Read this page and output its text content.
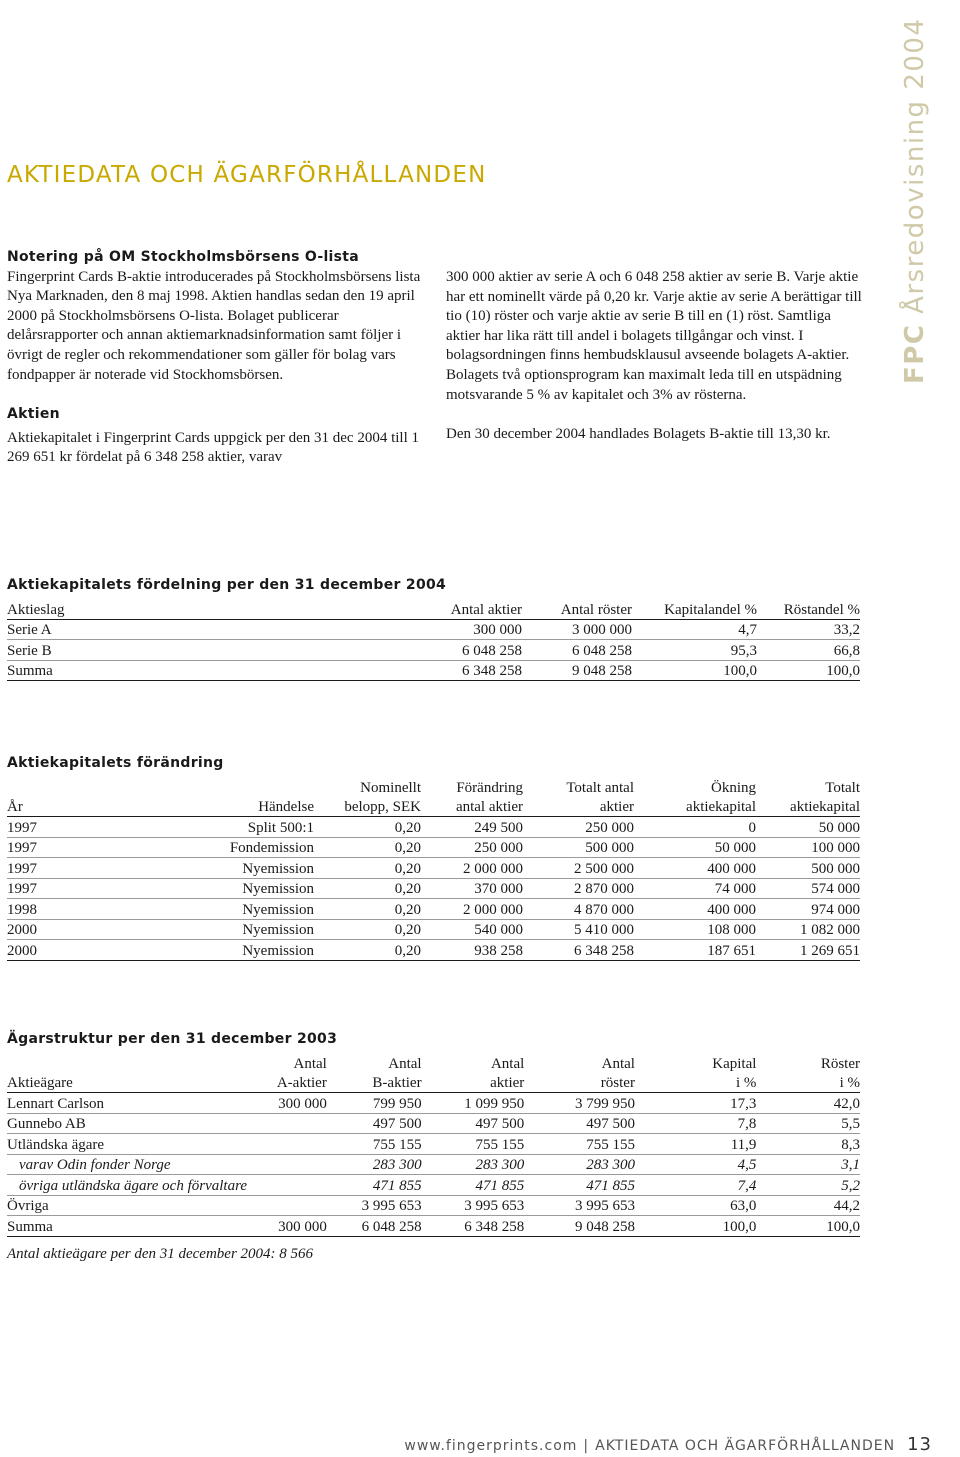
AKTIEDATA OCH ÄGARFÖRHÅLLANDEN
FPC Årsredovisning 2004

Notering på OM Stockholmsbörsens O-lista

Fingerprint Cards B-aktie introducerades på Stockholmsbörsens lista Nya Marknaden, den 8 maj 1998. Aktien handlas sedan den 19 april 2000 på Stockholmsbörsens O-lista. Bolaget publicerar delårsrapporter och annan aktiemarknadsinformation samt följer i övrigt de regler och rekommendationer som gäller för bolag vars fondpapper är noterade vid Stockhomsbörsen.

Aktien

Aktiekapitalet i Fingerprint Cards uppgick per den 31 dec 2004 till 1 269 651 kr fördelat på 6 348 258 aktier, varav

300 000 aktier av serie A och 6 048 258 aktier av serie B. Varje aktie har ett nominellt värde på 0,20 kr. Varje aktie av serie A berättigar till tio (10) röster och varje aktie av serie B till en (1) röst. Samtliga aktier har lika rätt till andel i bolagets tillgångar och vinst. I bolagsordningen finns hembudsklausul avseende bolagets A-aktier. Bolagets två optionsprogram kan maximalt leda till en utspädning motsvarande 5 % av kapitalet och 3% av rösterna.

Den 30 december 2004 handlades Bolagets B-aktie till 13,30 kr.

Aktiekapitalets fördelning per den 31 december 2004
Aktieslag	Antal aktier	Antal röster	Kapitalandel %	Röstandel %
Serie A	300 000	3 000 000	4,7	33,2
Serie B	6 048 258	6 048 258	95,3	66,8
Summa	6 348 258	9 048 258	100,0	100,0
Aktiekapitalets förändring
		Nominellt	Förändring	Totalt antal	Ökning	Totalt
År	Händelse	belopp, SEK	antal aktier	aktier	aktiekapital	aktiekapital
1997	Split 500:1	0,20	249 500	250 000	0	50 000
1997	Fondemission	0,20	250 000	500 000	50 000	100 000
1997	Nyemission	0,20	2 000 000	2 500 000	400 000	500 000
1997	Nyemission	0,20	370 000	2 870 000	74 000	574 000
1998	Nyemission	0,20	2 000 000	4 870 000	400 000	974 000
2000	Nyemission	0,20	540 000	5 410 000	108 000	1 082 000
2000	Nyemission	0,20	938 258	6 348 258	187 651	1 269 651
Ägarstruktur per den 31 december 2003
	Antal	Antal	Antal	Antal	Kapital	Röster
Aktieägare	A-aktier	B-aktier	aktier	röster	i %	i %
Lennart Carlson	300 000	799 950	1 099 950	3 799 950	17,3	42,0
Gunnebo AB		497 500	497 500	497 500	7,8	5,5
Utländska ägare		755 155	755 155	755 155	11,9	8,3
varav Odin fonder Norge		283 300	283 300	283 300	4,5	3,1
övriga utländska ägare och förvaltare		471 855	471 855	471 855	7,4	5,2
Övriga		3 995 653	3 995 653	3 995 653	63,0	44,2
Summa	300 000	6 048 258	6 348 258	9 048 258	100,0	100,0
Antal aktieägare per den 31 december 2004: 8 566
www.fingerprints.com | AKTIEDATA OCH ÄGARFÖRHÅLLANDEN 13
